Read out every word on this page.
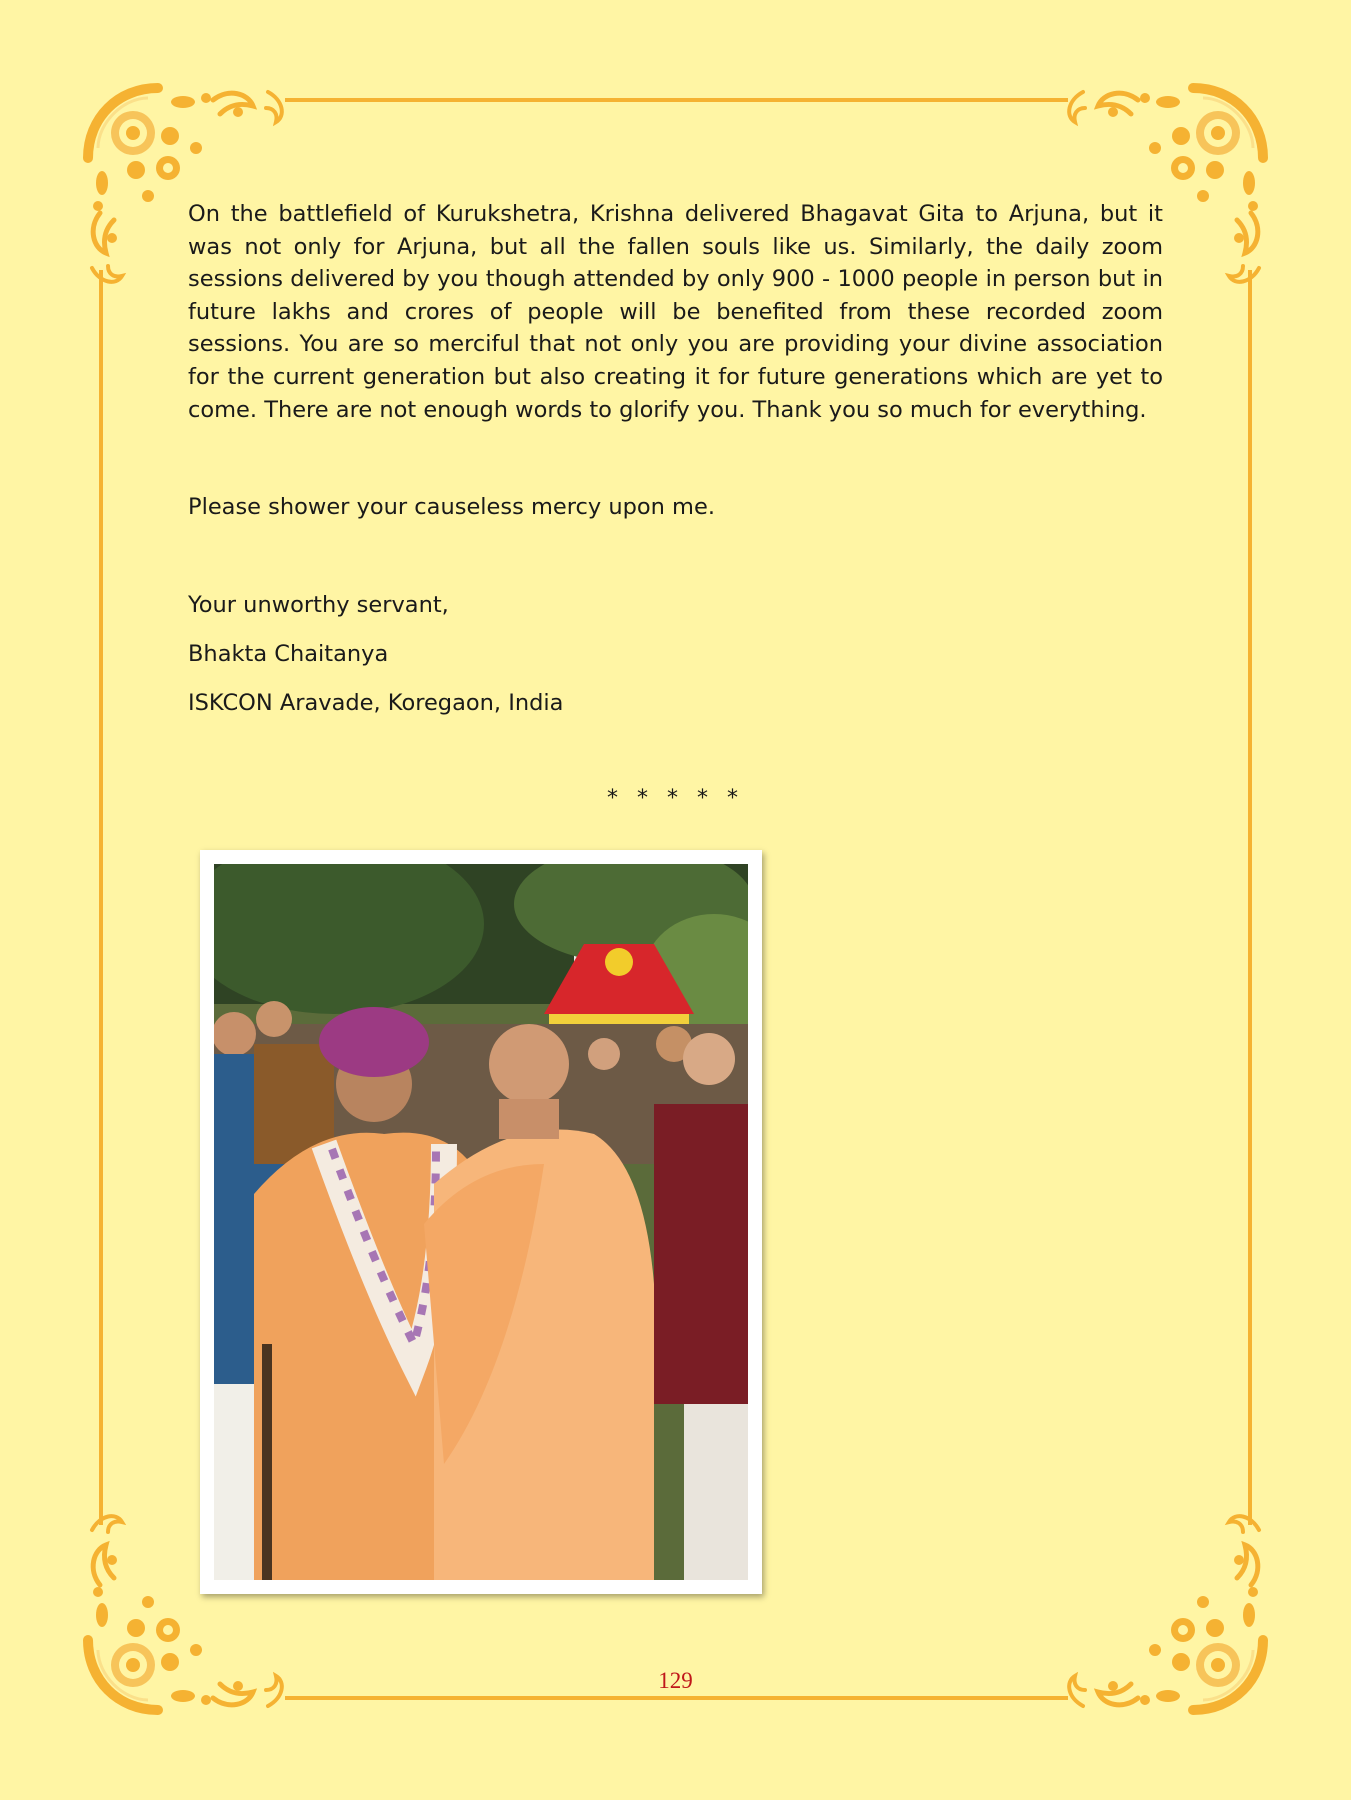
On the battlefield of Kurukshetra, Krishna delivered Bhagavat Gita to Arjuna, but it was not only for Arjuna, but all the fallen souls like us. Similarly, the daily zoom sessions delivered by you though attended by only 900 - 1000 people in person but in future lakhs and crores of people will be benefited from these recorded zoom sessions. You are so merciful that not only you are providing your divine association for the current generation but also creating it for future generations which are yet to come. There are not enough words to glorify you. Thank you so much for everything.
Please shower your causeless mercy upon me.
Your unworthy servant,
Bhakta Chaitanya
ISKCON Aravade, Koregaon, India
* * * * *
129
